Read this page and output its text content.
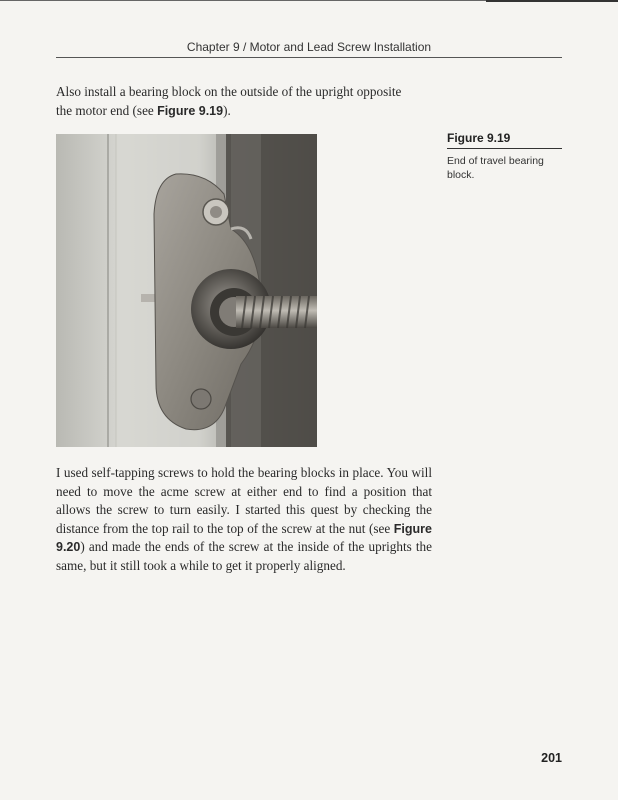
Chapter 9 / Motor and Lead Screw Installation

Also install a bearing block on the outside of the upright opposite
the motor end (see Figure 9.19).

Figure 9.19
End of travel bearing block.

I used self-tapping screws to hold the bearing blocks in place. You will need to move the acme screw at either end to find a position that allows the screw to turn easily. I started this quest by checking the distance from the top rail to the top of the screw at the nut (see Figure 9.20) and made the ends of the screw at the inside of the uprights the same, but it still took a while to get it properly aligned.

201
